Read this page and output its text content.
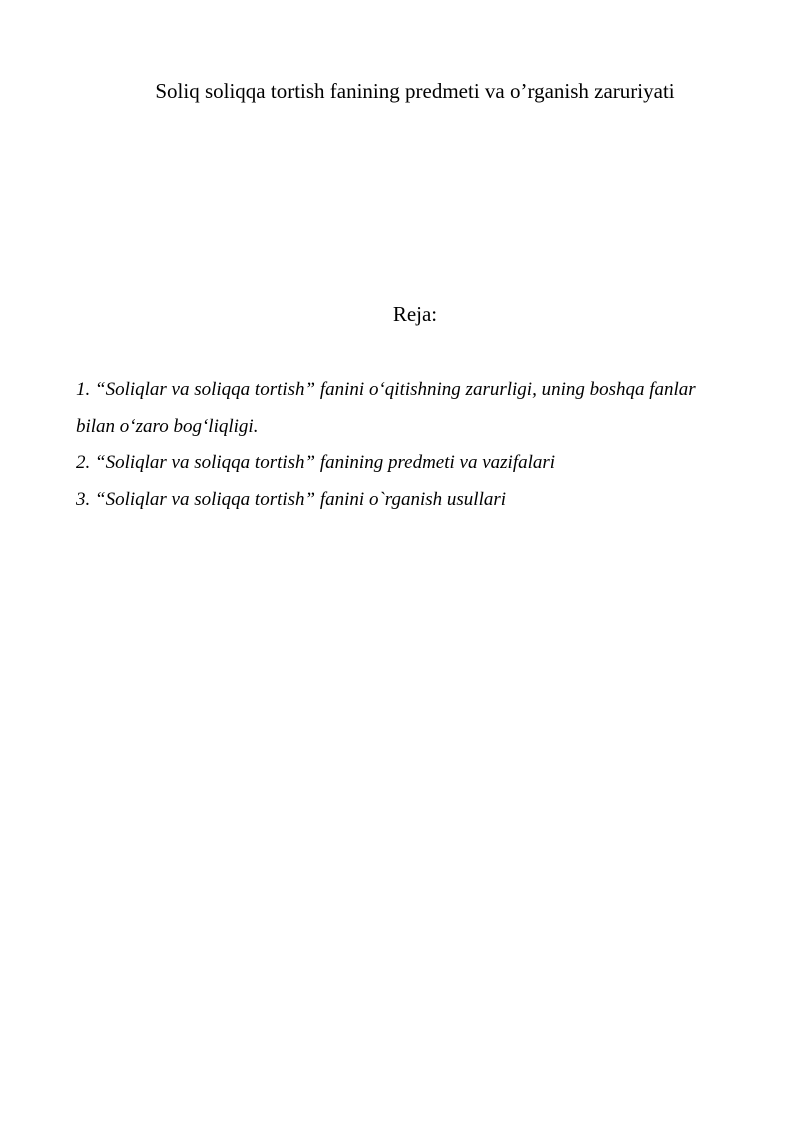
Soliq soliqqa tortish fanining predmeti va o’rganish zaruriyati
Reja:
1. “Soliqlar va soliqqa tortish” fanini o‘qitishning zarurligi, uning boshqa fanlar bilan o‘zaro bog‘liqligi.
2. “Soliqlar va soliqqa tortish” fanining predmeti va vazifalari
3. “Soliqlar va soliqqa tortish” fanini o`rganish usullari
